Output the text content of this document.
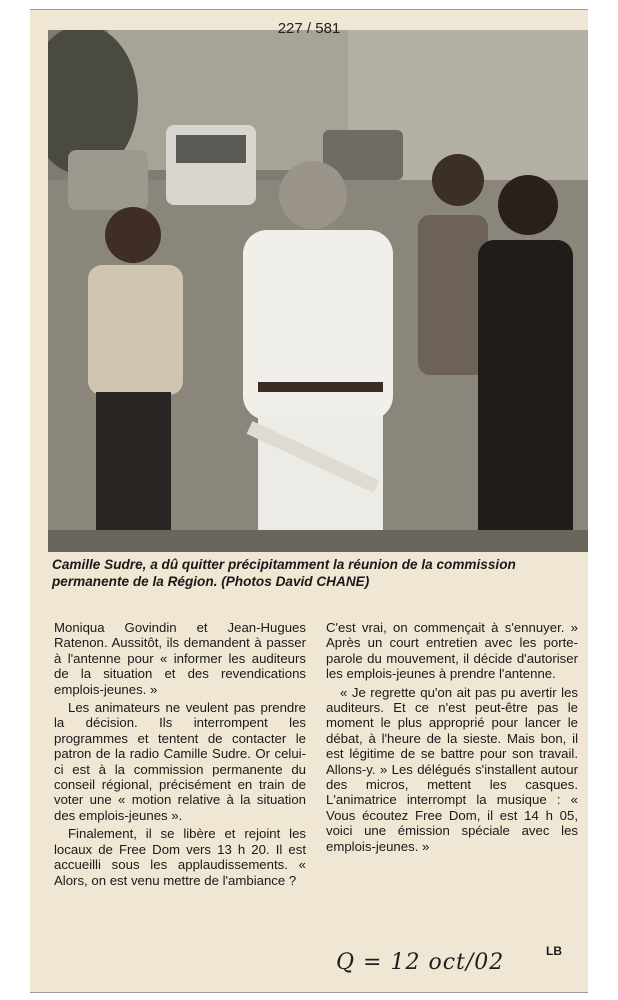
227 / 581
Camille Sudre, a dû quitter précipitamment la réunion de la commission permanente de la Région. (Photos David CHANE)

Moniqua Govindin et Jean-Hugues Ratenon. Aussitôt, ils demandent à passer à l'antenne pour « informer les auditeurs de la situation et des revendications emplois-jeunes. »

Les animateurs ne veulent pas prendre la décision. Ils interrompent les programmes et tentent de contacter le patron de la radio Camille Sudre. Or celui-ci est à la commission permanente du conseil régional, précisément en train de voter une « motion relative à la situation des emplois-jeunes ».

Finalement, il se libère et rejoint les locaux de Free Dom vers 13 h 20. Il est accueilli sous les applaudissements. « Alors, on est venu mettre de l'ambiance ?

C'est vrai, on commençait à s'ennuyer. » Après un court entretien avec les porte-parole du mouvement, il décide d'autoriser les emplois-jeunes à prendre l'antenne.

« Je regrette qu'on ait pas pu avertir les auditeurs. Et ce n'est peut-être pas le moment le plus approprié pour lancer le débat, à l'heure de la sieste. Mais bon, il est légitime de se battre pour son travail. Allons-y. » Les délégués s'installent autour des micros, mettent les casques. L'animatrice interrompt la musique : « Vous écoutez Free Dom, il est 14 h 05, voici une émission spéciale avec les emplois-jeunes. »

Q = 12 oct/02	LB
